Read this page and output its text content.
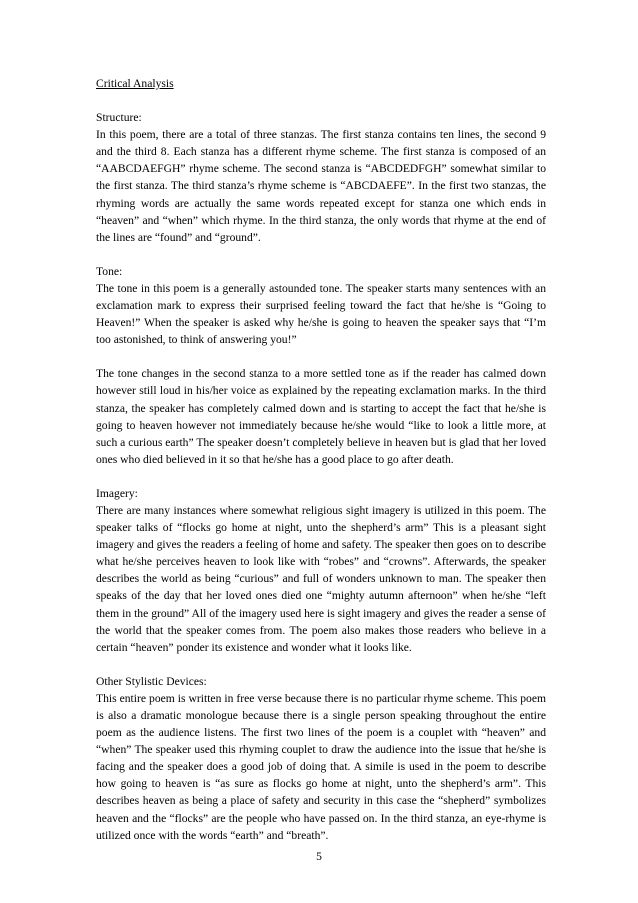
Critical Analysis

Structure:

In this poem, there are a total of three stanzas. The first stanza contains ten lines, the second 9 and the third 8. Each stanza has a different rhyme scheme. The first stanza is composed of an “AABCDAEFGH” rhyme scheme. The second stanza is “ABCDEDFGH” somewhat similar to the first stanza. The third stanza’s rhyme scheme is “ABCDAEFE”. In the first two stanzas, the rhyming words are actually the same words repeated except for stanza one which ends in “heaven” and “when” which rhyme. In the third stanza, the only words that rhyme at the end of the lines are “found” and “ground”.

Tone:

The tone in this poem is a generally astounded tone. The speaker starts many sentences with an exclamation mark to express their surprised feeling toward the fact that he/she is “Going to Heaven!” When the speaker is asked why he/she is going to heaven the speaker says that “I’m too astonished, to think of answering you!”

The tone changes in the second stanza to a more settled tone as if the reader has calmed down however still loud in his/her voice as explained by the repeating exclamation marks. In the third stanza, the speaker has completely calmed down and is starting to accept the fact that he/she is going to heaven however not immediately because he/she would “like to look a little more, at such a curious earth” The speaker doesn’t completely believe in heaven but is glad that her loved ones who died believed in it so that he/she has a good place to go after death.

Imagery:

There are many instances where somewhat religious sight imagery is utilized in this poem. The speaker talks of “flocks go home at night, unto the shepherd’s arm” This is a pleasant sight imagery and gives the readers a feeling of home and safety. The speaker then goes on to describe what he/she perceives heaven to look like with “robes” and “crowns”. Afterwards, the speaker describes the world as being “curious” and full of wonders unknown to man. The speaker then speaks of the day that her loved ones died one “mighty autumn afternoon” when he/she “left them in the ground” All of the imagery used here is sight imagery and gives the reader a sense of the world that the speaker comes from. The poem also makes those readers who believe in a certain “heaven” ponder its existence and wonder what it looks like.

Other Stylistic Devices:

This entire poem is written in free verse because there is no particular rhyme scheme. This poem is also a dramatic monologue because there is a single person speaking throughout the entire poem as the audience listens. The first two lines of the poem is a couplet with “heaven” and “when” The speaker used this rhyming couplet to draw the audience into the issue that he/she is facing and the speaker does a good job of doing that. A simile is used in the poem to describe how going to heaven is “as sure as flocks go home at night, unto the shepherd’s arm”. This describes heaven as being a place of safety and security in this case the “shepherd” symbolizes heaven and the “flocks” are the people who have passed on. In the third stanza, an eye-rhyme is utilized once with the words “earth” and “breath”.

5
